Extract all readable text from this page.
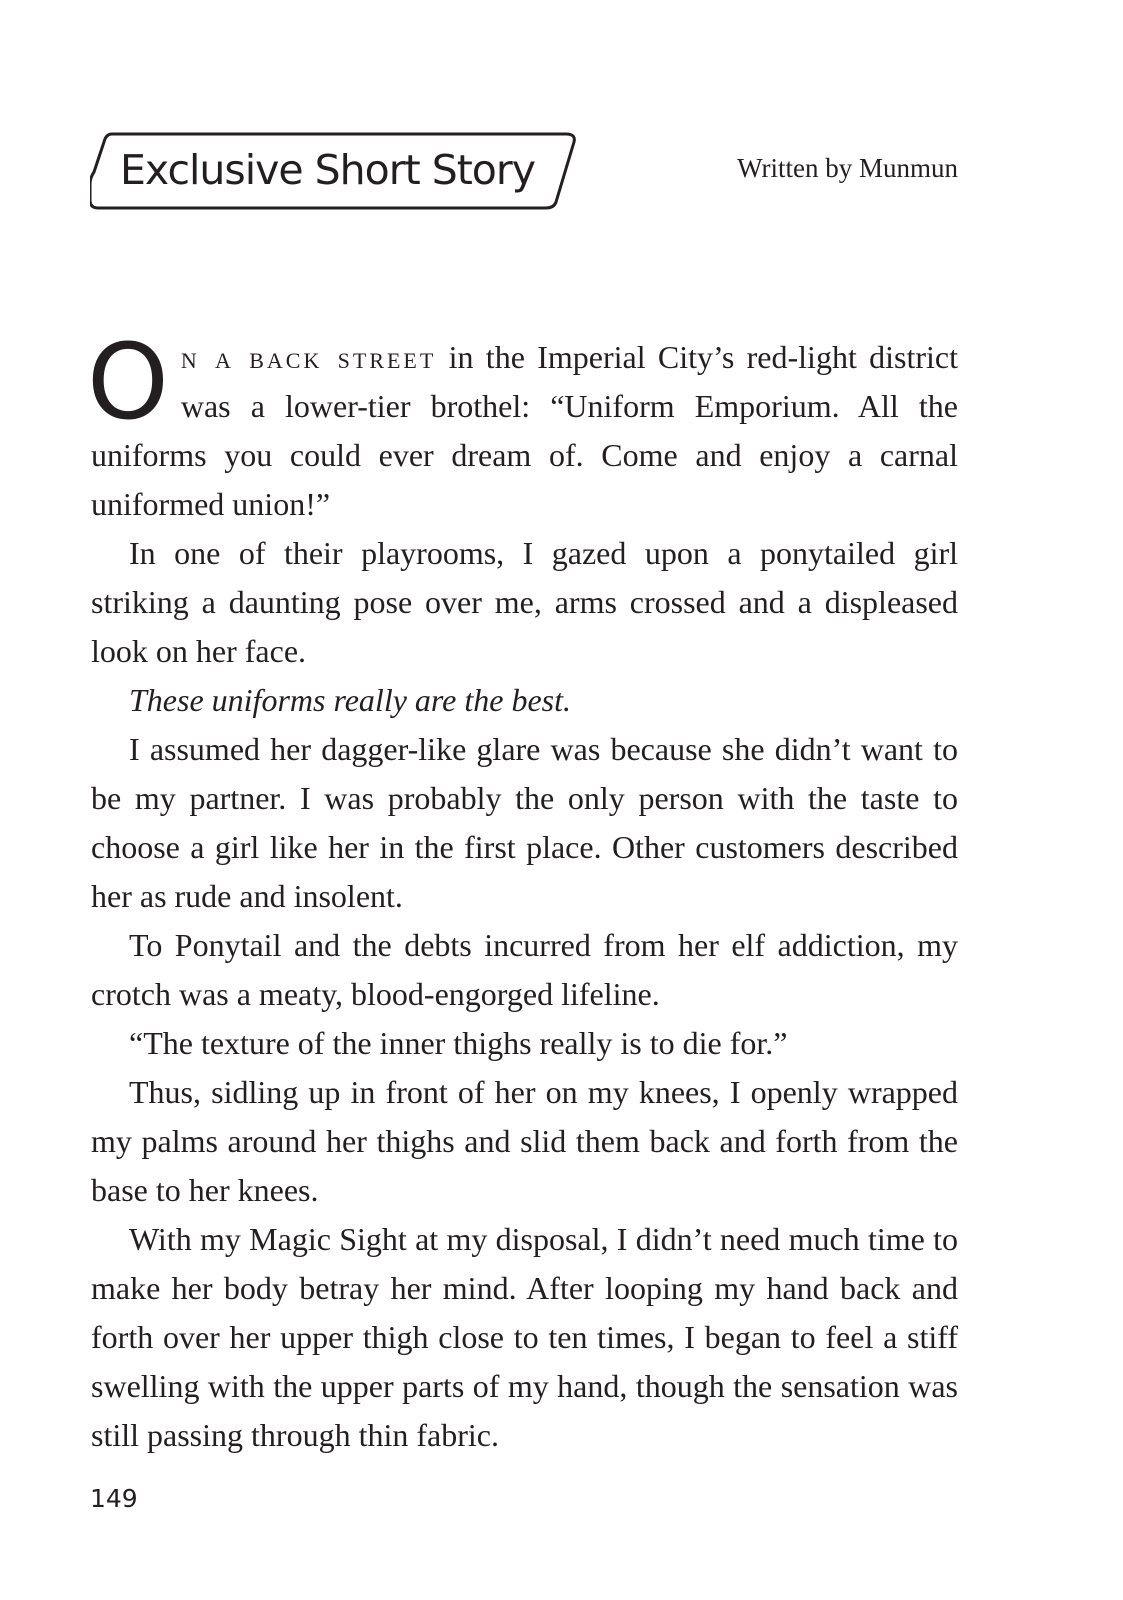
Exclusive Short Story	Written by Munmun

On a back street in the Imperial City’s red-light district was a lower-tier brothel: “Uniform Emporium. All the uniforms you could ever dream of. Come and enjoy a carnal uniformed union!”

In one of their playrooms, I gazed upon a ponytailed girl striking a daunting pose over me, arms crossed and a displeased look on her face.

These uniforms really are the best.

I assumed her dagger-like glare was because she didn’t want to be my partner. I was probably the only person with the taste to choose a girl like her in the first place. Other customers described her as rude and insolent.

To Ponytail and the debts incurred from her elf addiction, my crotch was a meaty, blood-engorged lifeline.

“The texture of the inner thighs really is to die for.”

Thus, sidling up in front of her on my knees, I openly wrapped my palms around her thighs and slid them back and forth from the base to her knees.

With my Magic Sight at my disposal, I didn’t need much time to make her body betray her mind. After looping my hand back and forth over her upper thigh close to ten times, I began to feel a stiff swelling with the upper parts of my hand, though the sensation was still passing through thin fabric.

149
